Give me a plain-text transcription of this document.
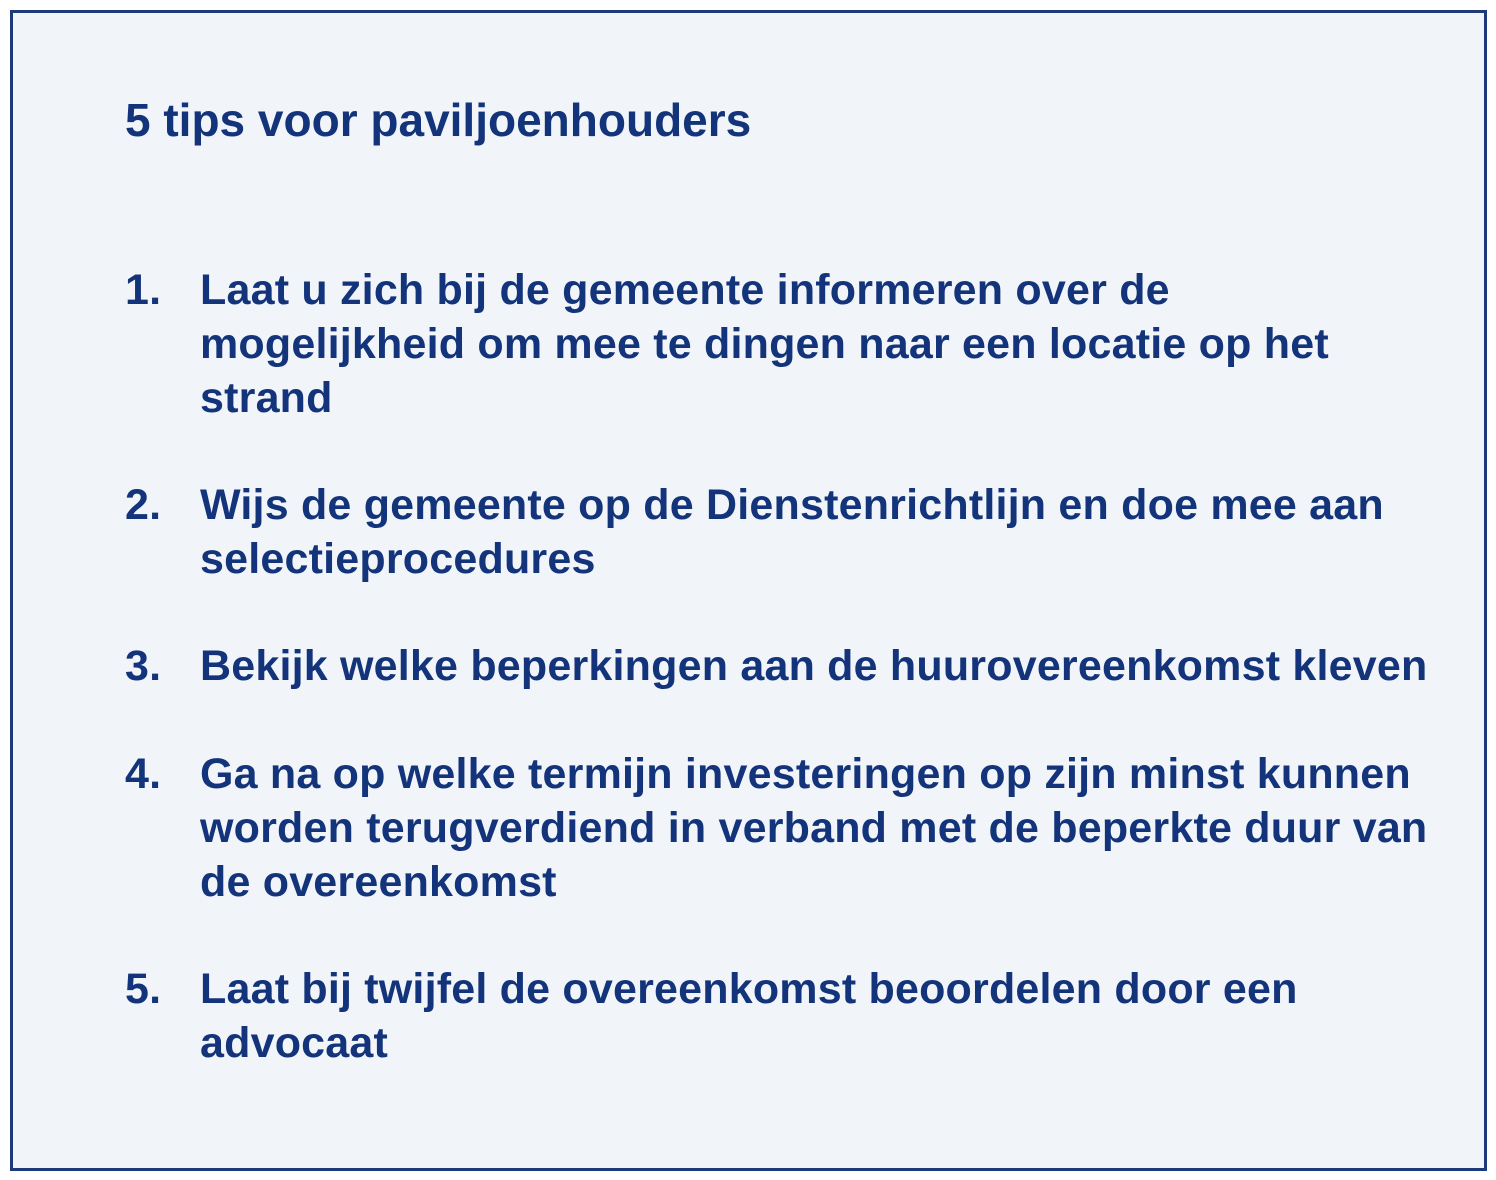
5 tips voor paviljoenhouders
1. Laat u zich bij de gemeente informeren over de mogelijkheid om mee te dingen naar een locatie op het strand
2. Wijs de gemeente op de Dienstenrichtlijn en doe mee aan selectieprocedures
3. Bekijk welke beperkingen aan de huurovereenkomst kleven
4. Ga na op welke termijn investeringen op zijn minst kunnen worden terugverdiend in verband met de beperkte duur van de overeenkomst
5. Laat bij twijfel de overeenkomst beoordelen door een advocaat
